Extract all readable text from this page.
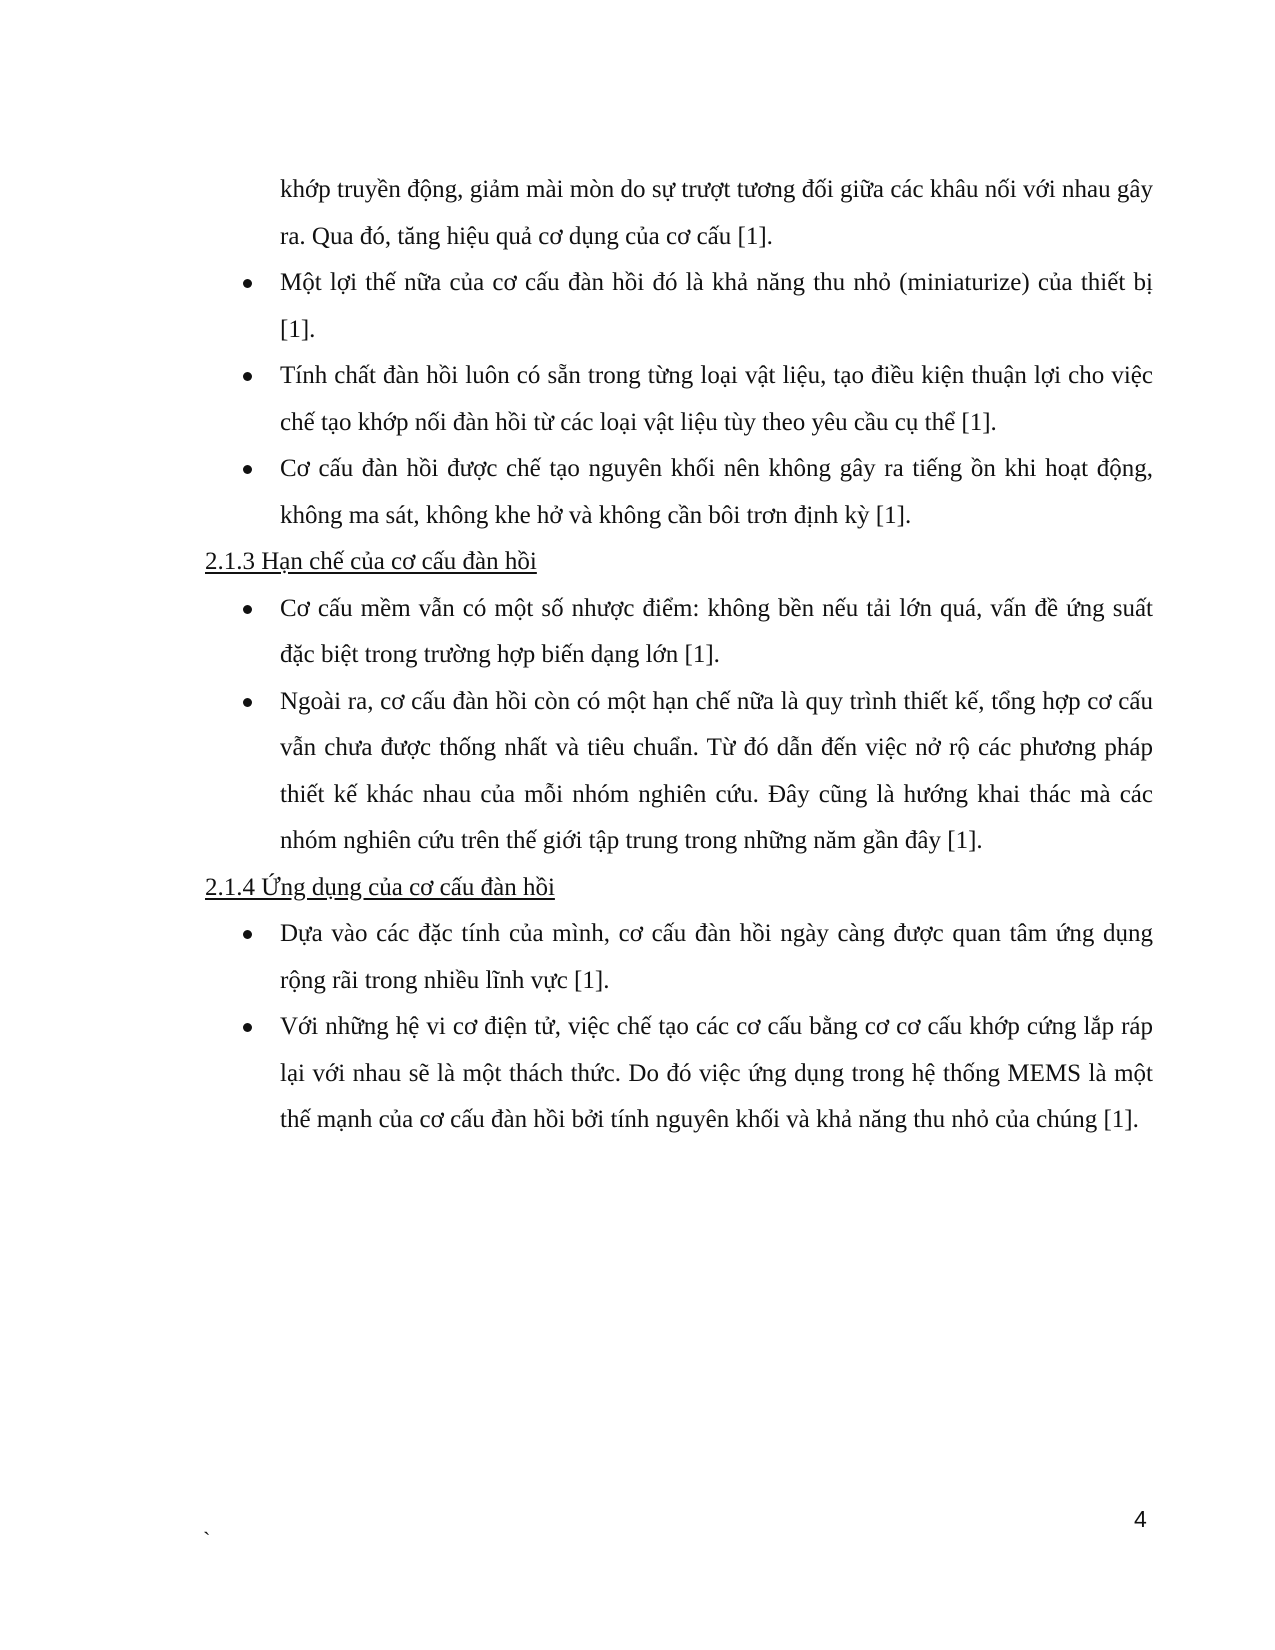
khớp truyền động, giảm mài mòn do sự trượt tương đối giữa các khâu nối với nhau gây ra. Qua đó, tăng hiệu quả cơ dụng của cơ cấu [1].

Một lợi thế nữa của cơ cấu đàn hồi đó là khả năng thu nhỏ (miniaturize) của thiết bị [1].
Tính chất đàn hồi luôn có sẵn trong từng loại vật liệu, tạo điều kiện thuận lợi cho việc chế tạo khớp nối đàn hồi từ các loại vật liệu tùy theo yêu cầu cụ thể [1].
Cơ cấu đàn hồi được chế tạo nguyên khối nên không gây ra tiếng ồn khi hoạt động, không ma sát, không khe hở và không cần bôi trơn định kỳ [1].
2.1.3 Hạn chế của cơ cấu đàn hồi
Cơ cấu mềm vẫn có một số nhược điểm: không bền nếu tải lớn quá, vấn đề ứng suất đặc biệt trong trường hợp biến dạng lớn [1].
Ngoài ra, cơ cấu đàn hồi còn có một hạn chế nữa là quy trình thiết kế, tổng hợp cơ cấu vẫn chưa được thống nhất và tiêu chuẩn. Từ đó dẫn đến việc nở rộ các phương pháp thiết kế khác nhau của mỗi nhóm nghiên cứu. Đây cũng là hướng khai thác mà các nhóm nghiên cứu trên thế giới tập trung trong những năm gần đây [1].
2.1.4 Ứng dụng của cơ cấu đàn hồi
Dựa vào các đặc tính của mình, cơ cấu đàn hồi ngày càng được quan tâm ứng dụng rộng rãi trong nhiều lĩnh vực [1].
Với những hệ vi cơ điện tử, việc chế tạo các cơ cấu bằng cơ cơ cấu khớp cứng lắp ráp lại với nhau sẽ là một thách thức. Do đó việc ứng dụng trong hệ thống MEMS là một thế mạnh của cơ cấu đàn hồi bởi tính nguyên khối và khả năng thu nhỏ của chúng [1].
4
`
